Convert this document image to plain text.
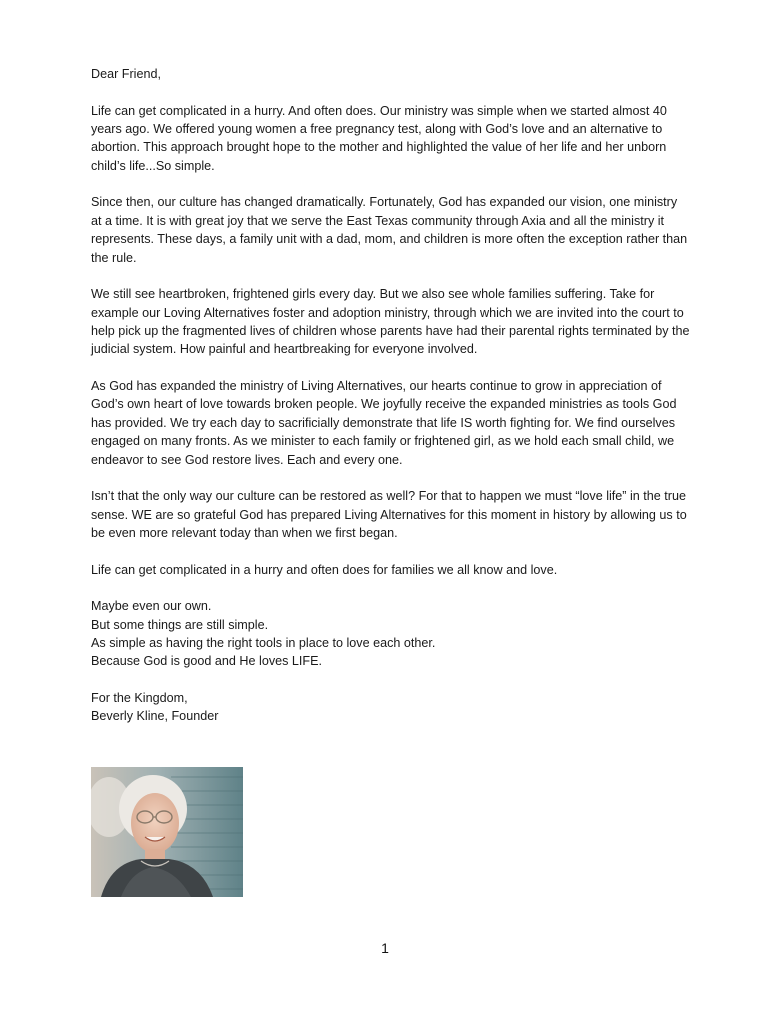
Dear Friend,

Life can get complicated in a hurry. And often does. Our ministry was simple when we started almost 40 years ago. We offered young women a free pregnancy test, along with God’s love and an alternative to abortion. This approach brought hope to the mother and highlighted the value of her life and her unborn child’s life...So simple.

Since then, our culture has changed dramatically. Fortunately, God has expanded our vision, one ministry at a time. It is with great joy that we serve the East Texas community through Axia and all the ministry it represents. These days, a family unit with a dad, mom, and children is more often the exception rather than the rule.

We still see heartbroken, frightened girls every day. But we also see whole families suffering. Take for example our Loving Alternatives foster and adoption ministry, through which we are invited into the court to help pick up the fragmented lives of children whose parents have had their parental rights terminated by the judicial system. How painful and heartbreaking for everyone involved.

As God has expanded the ministry of Living Alternatives, our hearts continue to grow in appreciation of God’s own heart of love towards broken people. We joyfully receive the expanded ministries as tools God has provided. We try each day to sacrificially demonstrate that life IS worth fighting for. We find ourselves engaged on many fronts. As we minister to each family or frightened girl, as we hold each small child, we endeavor to see God restore lives. Each and every one.

Isn’t that the only way our culture can be restored as well? For that to happen we must “love life” in the true sense. WE are so grateful God has prepared Living Alternatives for this moment in history by allowing us to be even more relevant today than when we first began.

Life can get complicated in a hurry and often does for families we all know and love.

Maybe even our own.

But some things are still simple.

As simple as having the right tools in place to love each other.

Because God is good and He loves LIFE.

For the Kingdom,

Beverly Kline, Founder

1
